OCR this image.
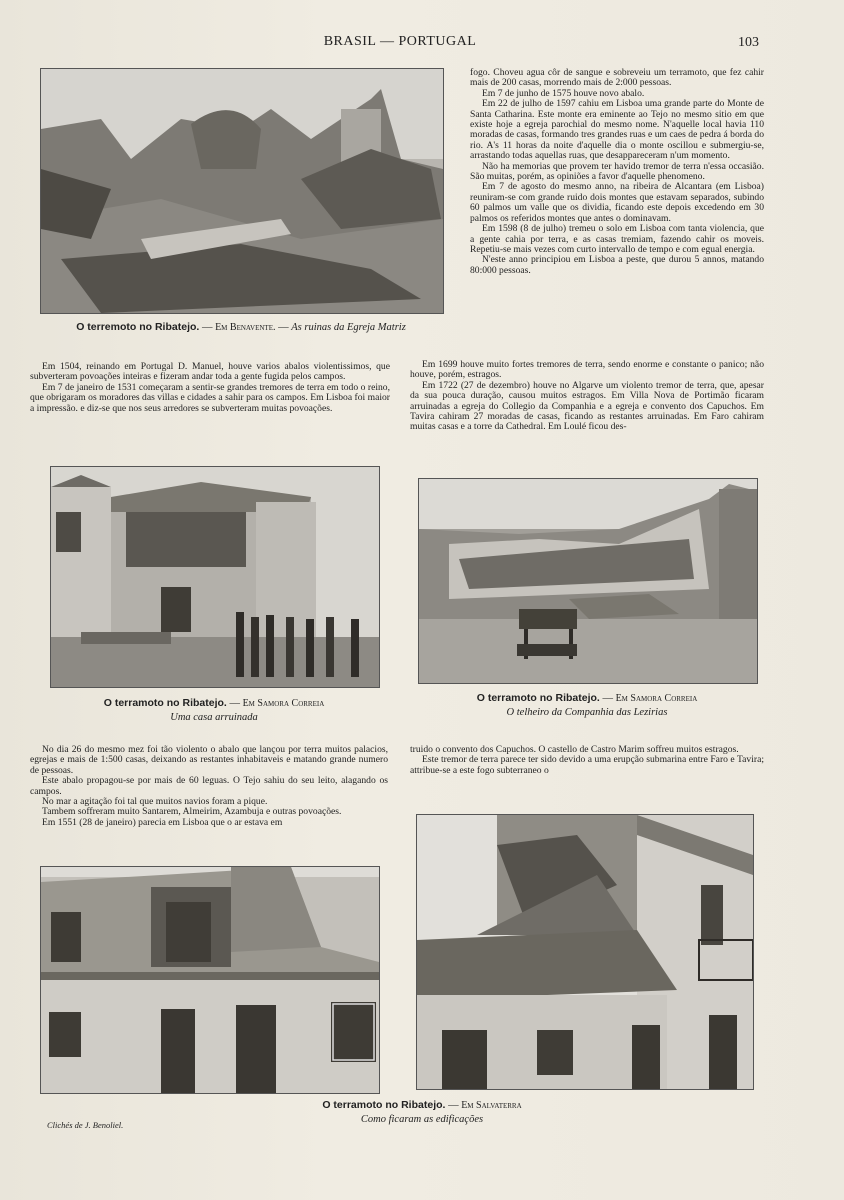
BRASIL — PORTUGAL	103
O terremoto no Ribatejo. — Em Benavente. — As ruinas da Egreja Matriz

fogo. Choveu agua côr de sangue e sobreveiu um terramoto, que fez cahir mais de 200 casas, morrendo mais de 2:000 pessoas.

Em 7 de junho de 1575 houve novo abalo.

Em 22 de julho de 1597 cahiu em Lisboa uma grande parte do Monte de Santa Catharina. Este monte era eminente ao Tejo no mesmo sitio em que existe hoje a egreja parochial do mesmo nome. N'aquelle local havia 110 moradas de casas, formando tres grandes ruas e um caes de pedra á borda do rio. A's 11 horas da noite d'aquelle dia o monte oscillou e submergiu-se, arrastando todas aquellas ruas, que desappareceram n'um momento.

Não ha memorias que provem ter havido tremor de terra n'essa occasião. São muitas, porém, as opiniões a favor d'aquelle phenomeno.

Em 7 de agosto do mesmo anno, na ribeira de Alcantara (em Lisboa) reuniram-se com grande ruido dois montes que estavam separados, subindo 60 palmos um valle que os dividia, ficando este depois excedendo em 30 palmos os referidos montes que antes o dominavam.

Em 1598 (8 de julho) tremeu o solo em Lisboa com tanta violencia, que a gente cahia por terra, e as casas tremiam, fazendo cahir os moveis. Repetiu-se mais vezes com curto intervallo de tempo e com egual energia.

N'este anno principiou em Lisboa a peste, que durou 5 annos, matando 80:000 pessoas.

Em 1699 houve muito fortes tremores de terra, sendo enorme e constante o panico; não houve, porém, estragos.

Em 1722 (27 de dezembro) houve no Algarve um violento tremor de terra, que, apesar da sua pouca duração, causou muitos estragos. Em Villa Nova de Portimão ficaram arruinadas a egreja do Collegio da Companhia e a egreja e convento dos Capuchos. Em Tavira cahiram 27 moradas de casas, ficando as restantes arruinadas. Em Faro cahiram muitas casas e a torre da Cathedral. Em Loulé ficou des-

Em 1504, reinando em Portugal D. Manuel, houve varios abalos violentissimos, que subverteram povoações inteiras e fizeram andar toda a gente fugida pelos campos.

Em 7 de janeiro de 1531 começaram a sentir-se grandes tremores de terra em todo o reino, que obrigaram os moradores das villas e cidades a sahir para os campos. Em Lisboa foi maior a impressão. e diz-se que nos seus arredores se subverteram muitas povoações.

O terramoto no Ribatejo. — Em Samora Correia
Uma casa arruinada
O terramoto no Ribatejo. — Em Samora Correia
O telheiro da Companhia das Lezirias

No dia 26 do mesmo mez foi tão violento o abalo que lançou por terra muitos palacios, egrejas e mais de 1:500 casas, deixando as restantes inhabitaveis e matando grande numero de pessoas.

Este abalo propagou-se por mais de 60 leguas. O Tejo sahiu do seu leito, alagando os campos.

No mar a agitação foi tal que muitos navios foram a pique.

Tambem soffreram muito Santarem, Almeirim, Azambuja e outras povoações.

Em 1551 (28 de janeiro) parecia em Lisboa que o ar estava em

truido o convento dos Capuchos. O castello de Castro Marim soffreu muitos estragos.

Este tremor de terra parece ter sido devido a uma erupção submarina entre Faro e Tavira; attribue-se a este fogo subterraneo o

O terramoto no Ribatejo. — Em Salvaterra
Como ficaram as edificações
Clichés de J. Benoliel.
